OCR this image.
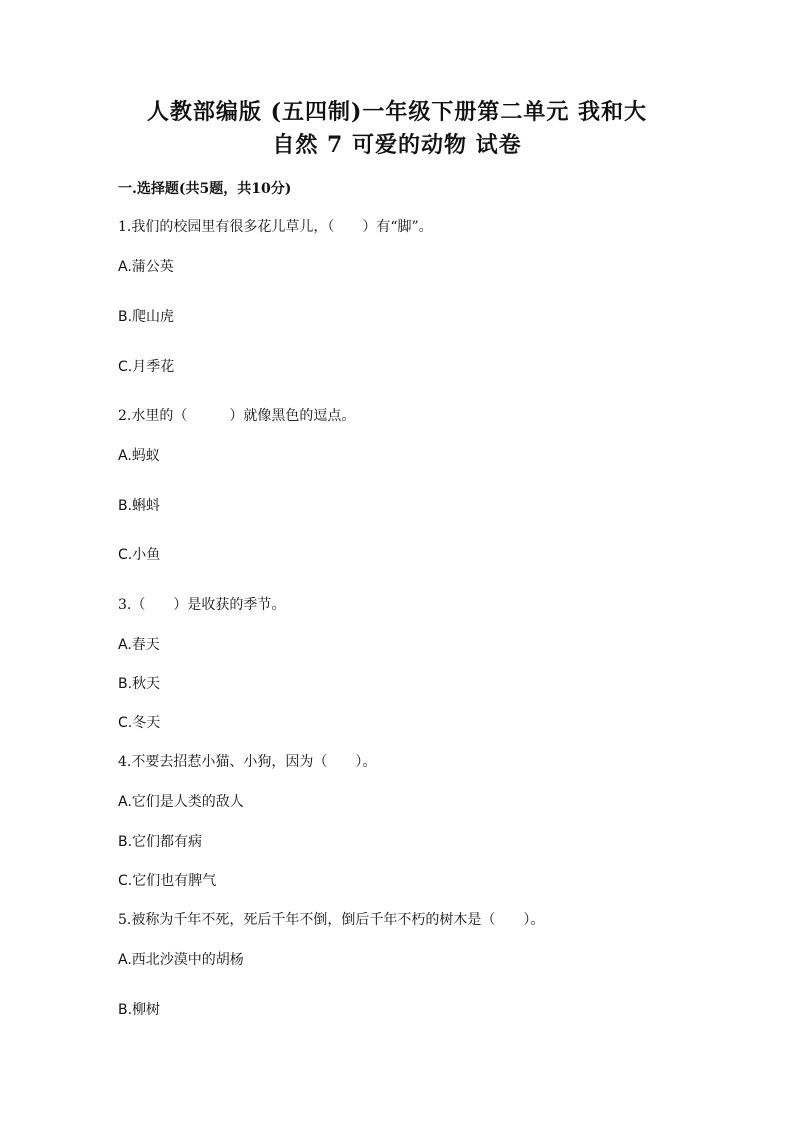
人教部编版 (五四制)一年级下册第二单元 我和大
自然 7 可爱的动物 试卷
一.选择题(共5题，共10分)
1.我们的校园里有很多花儿草儿，（　　）有“脚”。
A.蒲公英
B.爬山虎
C.月季花
2.水里的（　　　）就像黑色的逗点。
A.蚂蚁
B.蝌蚪
C.小鱼
3.（　　）是收获的季节。
A.春天
B.秋天
C.冬天
4.不要去招惹小猫、小狗，因为（　　）。
A.它们是人类的敌人
B.它们都有病
C.它们也有脾气
5.被称为千年不死，死后千年不倒，倒后千年不朽的树木是（　　）。
A.西北沙漠中的胡杨
B.柳树
